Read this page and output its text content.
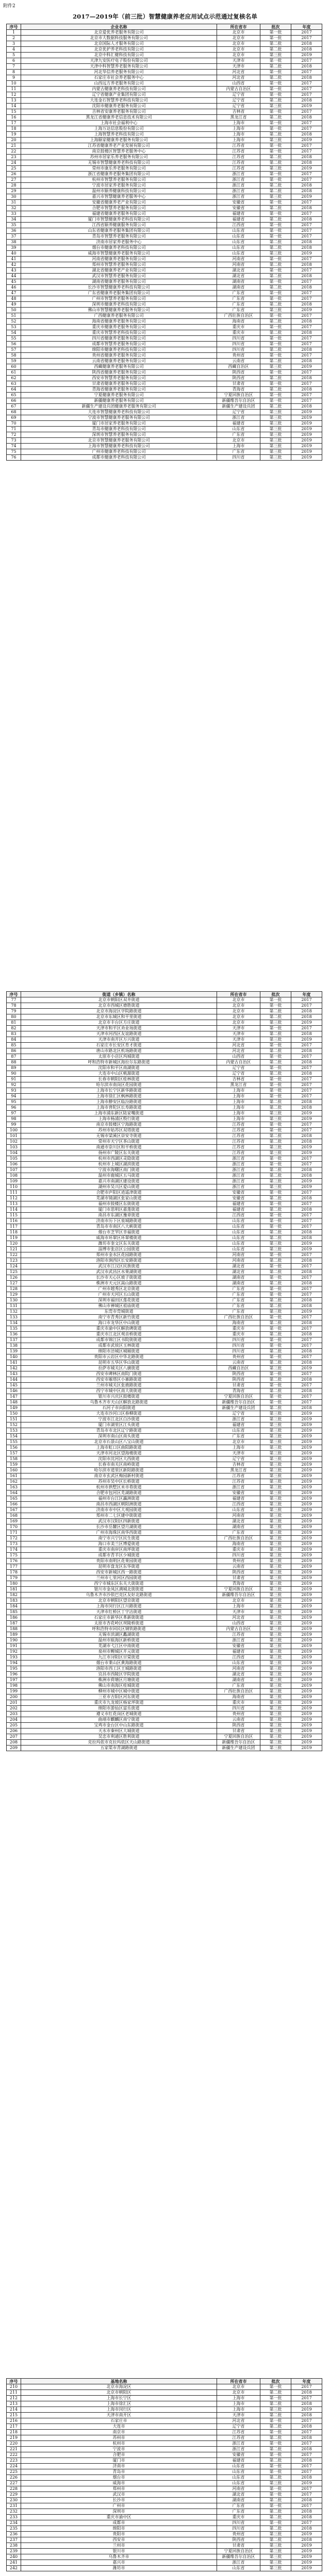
附件2
2017—2019年（前三批）智慧健康养老应用试点示范通过复核名单
序号	企业名称	所在省市	批次	年度
1	北京爱优养老服务有限公司	北京市	第一批	2017
2	北京市大数据科技服务有限公司	北京市	第一批	2017
3	北京国际人才服务有限公司	北京市	第二批	2018
4	北京优护养老科技有限公司	北京市	第二批	2018
5	北京中科汇健科技有限公司	北京市	第三批	2019
6	天津九安医疗电子股份有限公司	天津市	第一批	2017
7	天津中科智慧养老服务有限公司	天津市	第二批	2018
8	河北华信养老服务有限公司	河北省	第一批	2017
9	石家庄市社会养老服务中心	河北省	第二批	2018
10	山西远方养老服务有限公司	山西省	第一批	2017
11	内蒙古健康养老科技有限公司	内蒙古自治区	第一批	2017
12	辽宁省健康产业集团有限公司	辽宁省	第一批	2017
13	大连金石智慧养老科技有限公司	辽宁省	第二批	2018
14	沈阳市健康养老服务有限公司	辽宁省	第三批	2019
15	吉林省安康养老服务有限公司	吉林省	第一批	2017
16	黑龙江省健康养老信息技术有限公司	黑龙江省	第二批	2018
17	上海市社会福利中心	上海市	第一批	2017
18	上海万达信息股份有限公司	上海市	第一批	2017
19	上海智慧养老科技有限公司	上海市	第二批	2018
20	上海颐家健康养老服务有限公司	上海市	第三批	2019
21	江苏省健康养老产业发展有限公司	江苏省	第一批	2017
22	南京鼓楼区智慧养老服务中心	江苏省	第一批	2017
23	苏州市居家乐养老服务有限公司	江苏省	第二批	2018
24	无锡市智慧健康养老科技有限公司	江苏省	第二批	2018
25	常州市康乐养老服务有限公司	江苏省	第三批	2019
26	浙江省健康养老服务集团有限公司	浙江省	第一批	2017
27	杭州市智慧养老服务有限公司	浙江省	第一批	2017
28	宁波市居家养老服务有限公司	浙江省	第二批	2018
29	温州市颐养健康科技有限公司	浙江省	第二批	2018
30	嘉兴市智慧健康养老服务中心	浙江省	第三批	2019
31	安徽省健康养老产业有限公司	安徽省	第一批	2017
32	合肥市智慧养老服务有限公司	安徽省	第二批	2018
33	福建省健康养老服务有限公司	福建省	第一批	2017
34	厦门市智慧健康养老科技有限公司	福建省	第二批	2018
35	江西省颐养健康服务有限公司	江西省	第一批	2017
36	山东省健康养老服务集团有限公司	山东省	第一批	2017
37	青岛市智慧养老服务有限公司	山东省	第一批	2017
38	济南市居家养老服务中心	山东省	第二批	2018
39	烟台市健康养老科技有限公司	山东省	第二批	2018
40	威海市智慧健康养老服务有限公司	山东省	第三批	2019
41	河南省健康养老服务有限公司	河南省	第一批	2017
42	郑州市智慧养老服务有限公司	河南省	第二批	2018
43	湖北省健康养老产业有限公司	湖北省	第一批	2017
44	武汉市智慧养老服务有限公司	湖北省	第二批	2018
45	湖南省健康养老服务有限公司	湖南省	第一批	2017
46	长沙市智慧健康养老科技有限公司	湖南省	第二批	2018
47	广东省健康养老服务集团有限公司	广东省	第一批	2017
48	广州市智慧养老服务有限公司	广东省	第一批	2017
49	深圳市健康养老科技有限公司	广东省	第二批	2018
50	佛山市智慧健康养老服务有限公司	广东省	第三批	2019
51	广西健康养老服务有限公司	广西壮族自治区	第一批	2017
52	海南省健康养老服务有限公司	海南省	第二批	2018
53	重庆市健康养老服务有限公司	重庆市	第一批	2017
54	重庆市智慧养老科技有限公司	重庆市	第二批	2018
55	四川省健康养老服务有限公司	四川省	第一批	2017
56	成都市智慧养老服务有限公司	四川省	第一批	2017
57	绵阳市健康养老科技有限公司	四川省	第二批	2018
58	贵州省健康养老服务有限公司	贵州省	第一批	2017
59	云南省健康养老服务有限公司	云南省	第二批	2018
60	西藏健康养老服务有限公司	西藏自治区	第三批	2019
61	陕西省健康养老服务有限公司	陕西省	第一批	2017
62	西安市智慧养老服务有限公司	陕西省	第二批	2018
63	甘肃省健康养老服务有限公司	甘肃省	第一批	2017
64	青海省健康养老服务有限公司	青海省	第二批	2018
65	宁夏健康养老服务有限公司	宁夏回族自治区	第一批	2017
66	新疆健康养老服务有限公司	新疆维吾尔自治区	第一批	2017
67	新疆生产建设兵团健康养老服务有限公司	新疆生产建设兵团	第二批	2018
68	大连市智慧健康养老科技有限公司	辽宁省	第三批	2019
69	宁波市智慧健康养老服务有限公司	浙江省	第三批	2019
70	厦门市居家养老服务有限公司	福建省	第三批	2019
71	青岛市健康养老科技有限公司	山东省	第三批	2019
72	深圳市智慧养老服务有限公司	广东省	第三批	2019
73	北京市智慧健康养老服务有限公司	北京市	第三批	2019
74	上海市智慧健康养老科技有限公司	上海市	第三批	2019
75	广州市健康养老科技有限公司	广东省	第三批	2019
76	成都市健康养老科技有限公司	四川省	第三批	2019
序号	街道（乡镇）名称	所在省市	批次	年度
77	北京市朝阳区双井街道	北京市	第一批	2017
78	北京市西城区德胜街道	北京市	第一批	2017
79	北京市海淀区学院路街道	北京市	第二批	2018
80	北京市东城区和平里街道	北京市	第二批	2018
81	北京市丰台区方庄街道	北京市	第三批	2019
82	天津市和平区劝业场街道	天津市	第一批	2017
83	天津市河西区友谊路街道	天津市	第二批	2018
84	天津市南开区万兴街道	天津市	第三批	2019
85	石家庄市长安区育才街道	河北省	第一批	2017
86	唐山市路北区机场路街道	河北省	第二批	2018
87	太原市小店区坞城街道	山西省	第一批	2017
88	呼和浩特市新城区海拉尔东路街道	内蒙古自治区	第二批	2018
89	沈阳市和平区南湖街道	辽宁省	第一批	2017
90	大连市中山区桃源街道	辽宁省	第二批	2018
91	长春市朝阳区桂林街道	吉林省	第一批	2017
92	哈尔滨市南岗区花园街道	黑龙江省	第一批	2017
93	上海市长宁区新华路街道	上海市	第一批	2017
94	上海市徐汇区枫林路街道	上海市	第一批	2017
95	上海市静安区临汾路街道	上海市	第二批	2018
96	上海市普陀区长寿路街道	上海市	第二批	2018
97	上海市浦东新区陆家嘴街道	上海市	第三批	2019
98	上海市杨浦区殷行街道	上海市	第三批	2019
99	南京市鼓楼区宁海路街道	江苏省	第一批	2017
100	苏州市姑苏区双塔街道	江苏省	第一批	2017
101	无锡市梁溪区崇安寺街道	江苏省	第二批	2018
102	常州市天宁区茶山街道	江苏省	第二批	2018
103	南通市崇川区和平桥街道	江苏省	第三批	2019
104	扬州市广陵区东关街道	江苏省	第三批	2019
105	杭州市西湖区灵隐街道	浙江省	第一批	2017
106	杭州市上城区湖滨街道	浙江省	第一批	2017
107	宁波市海曙区南门街道	浙江省	第二批	2018
108	温州市鹿城区五马街道	浙江省	第二批	2018
109	嘉兴市南湖区建设街道	浙江省	第三批	2019
110	湖州市吴兴区爱山街道	浙江省	第三批	2019
111	合肥市庐阳区逍遥津街道	安徽省	第一批	2017
112	芜湖市镜湖区张家山街道	安徽省	第二批	2018
113	福州市鼓楼区东街街道	福建省	第一批	2017
114	厦门市思明区嘉莲街道	福建省	第二批	2018
115	南昌市东湖区豫章街道	江西省	第一批	2017
116	济南市历下区泉城路街道	山东省	第一批	2017
117	青岛市市南区八大峡街道	山东省	第一批	2017
118	烟台市芝罘区幸福街道	山东省	第二批	2018
119	威海市环翠区环翠楼街道	山东省	第二批	2018
120	潍坊市奎文区东关街道	山东省	第三批	2019
121	淄博市张店区公园街道	山东省	第三批	2019
122	郑州市金水区花园路街道	河南省	第一批	2017
123	洛阳市涧西区长安路街道	河南省	第二批	2018
124	武汉市江汉区民族街道	湖北省	第一批	2017
125	武汉市武昌区水果湖街道	湖北省	第二批	2018
126	长沙市天心区坡子街街道	湖南省	第一批	2017
127	株洲市天元区嵩山路街道	湖南省	第二批	2018
128	广州市越秀区北京街道	广东省	第一批	2017
129	广州市天河区五山街道	广东省	第一批	2017
130	深圳市福田区莲花街道	广东省	第二批	2018
131	佛山市禅城区祖庙街道	广东省	第二批	2018
132	东莞市莞城街道	广东省	第三批	2019
133	南宁市青秀区新竹街道	广西壮族自治区	第一批	2017
134	海口市龙华区中山街道	海南省	第二批	2018
135	重庆市渝中区解放碑街道	重庆市	第一批	2017
136	重庆市江北区观音桥街道	重庆市	第二批	2018
137	成都市锦江区书院街街道	四川省	第一批	2017
138	成都市武侯区玉林街道	四川省	第一批	2017
139	绵阳市涪城区城厢街道	四川省	第二批	2018
140	贵阳市云岩区中华北路街道	贵州省	第一批	2017
141	昆明市五华区华山街道	云南省	第二批	2018
142	拉萨市城关区八廓街道	西藏自治区	第三批	2019
143	西安市碑林区南院门街道	陕西省	第一批	2017
144	西安市雁塔区小寨路街道	陕西省	第二批	2018
145	兰州市城关区张掖路街道	甘肃省	第一批	2017
146	西宁市城中区南大街街道	青海省	第二批	2018
147	银川市兴庆区鼓楼街道	宁夏回族自治区	第一批	2017
148	乌鲁木齐市天山区解放北路街道	新疆维吾尔自治区	第一批	2017
149	石河子市向阳街道	新疆生产建设兵团	第二批	2018
150	大连市沙河口区春柳街道	辽宁省	第三批	2019
151	宁波市江北区白沙街道	浙江省	第三批	2019
152	厦门市湖里区江头街道	福建省	第三批	2019
153	青岛市市北区辽宁路街道	山东省	第三批	2019
154	深圳市南山区南头街道	广东省	第三批	2019
155	北京市石景山区八宝山街道	北京市	第三批	2019
156	上海市虹口区曲阳路街道	上海市	第三批	2019
157	天津市河北区望海楼街道	天津市	第三批	2019
158	沈阳市沈河区大西街道	辽宁省	第三批	2019
159	长春市南关区南岭街道	吉林省	第三批	2019
160	哈尔滨市道里区新阳路街道	黑龙江省	第三批	2019
161	南京市玄武区梅园新村街道	江苏省	第三批	2019
162	苏州市吴中区长桥街道	江苏省	第三批	2019
163	杭州市拱墅区米市巷街道	浙江省	第三批	2019
164	合肥市包河区芜湖路街道	安徽省	第三批	2019
165	福州市台江区瀛洲街道	福建省	第三批	2019
166	南昌市西湖区朝阳洲街道	江西省	第三批	2019
167	济南市市中区大观园街道	山东省	第三批	2019
168	郑州市二七区建中街街道	河南省	第三批	2019
169	武汉市汉阳区四新街道	湖北省	第三批	2019
170	长沙市岳麓区望月湖街道	湖南省	第三批	2019
171	广州市海珠区南华西街道	广东省	第三批	2019
172	南宁市兴宁区民生街道	广西壮族自治区	第三批	2019
173	海口市美兰区博爱街道	海南省	第三批	2019
174	重庆市南岸区南坪街道	重庆市	第三批	2019
175	成都市青羊区少城街道	四川省	第三批	2019
176	贵阳市南明区花果园街道	贵州省	第三批	2019
177	昆明市盘龙区东华街道	云南省	第三批	2019
178	西安市新城区西一路街道	陕西省	第三批	2019
179	兰州市七里河区西园街道	甘肃省	第三批	2019
180	西宁市城东区东关大街街道	青海省	第三批	2019
181	银川市金凤区满城北街街道	宁夏回族自治区	第三批	2019
182	乌鲁木齐市沙依巴克区友好北路街道	新疆维吾尔自治区	第三批	2019
183	北京市朝阳区望京街道	北京市	第三批	2019
184	上海市闵行区江川路街道	上海市	第三批	2019
185	天津市红桥区丁字沽街道	天津市	第三批	2019
186	石家庄市新华区革新街街道	河北省	第三批	2019
187	太原市杏花岭区坝陵桥街道	山西省	第三批	2019
188	呼和浩特市回民区钢铁路街道	内蒙古自治区	第三批	2019
189	无锡市滨湖区蠡湖街道	江苏省	第三批	2019
190	温州市瓯海区新桥街道	浙江省	第三批	2019
191	芜湖市弋江区中南街道	安徽省	第三批	2019
192	泉州市鲤城区开元街道	福建省	第三批	2019
193	九江市浔阳区甘棠街道	江西省	第三批	2019
194	烟台市莱山区黄海路街道	山东省	第三批	2019
195	洛阳市西工区王城路街道	河南省	第三批	2019
196	宜昌市西陵区学院街道	湖北省	第三批	2019
197	株洲市荷塘区月塘街道	湖南省	第三批	2019
198	佛山市南海区桂城街道	广东省	第三批	2019
199	柳州市城中区城中街道	广西壮族自治区	第三批	2019
200	三亚市吉阳区河东街道	海南省	第三批	2019
201	重庆市九龙坡区杨家坪街道	重庆市	第三批	2019
202	绵阳市游仙区富乐街道	四川省	第三批	2019
203	遵义市红花岗区老城街道	贵州省	第三批	2019
204	曲靖市麒麟区南宁街道	云南省	第三批	2019
205	宝鸡市金台区中山东路街道	陕西省	第三批	2019
206	天水市秦州区大城街道	甘肃省	第三批	2019
207	吴忠市利通区胜利街道	宁夏回族自治区	第三批	2019
208	克拉玛依市克拉玛依区天山路街道	新疆维吾尔自治区	第三批	2019
209	五家渠市青湖路街道	新疆生产建设兵团	第三批	2019
序号	基地名称	所在省市	批次	年度
210	北京市海淀区	北京市	第一批	2017
211	北京市朝阳区	北京市	第二批	2018
212	上海市长宁区	上海市	第一批	2017
213	上海市徐汇区	上海市	第二批	2018
214	上海市闵行区	上海市	第三批	2019
215	天津市南开区	天津市	第二批	2018
216	石家庄市	河北省	第一批	2017
217	大连市	辽宁省	第二批	2018
218	南京市	江苏省	第一批	2017
219	苏州市	江苏省	第二批	2018
220	杭州市	浙江省	第一批	2017
221	宁波市	浙江省	第二批	2018
222	合肥市	安徽省	第一批	2017
223	厦门市	福建省	第二批	2018
224	济南市	山东省	第一批	2017
225	青岛市	山东省	第一批	2017
226	烟台市	山东省	第二批	2018
227	威海市	山东省	第三批	2019
228	郑州市	河南省	第一批	2017
229	武汉市	湖北省	第一批	2017
230	长沙市	湖南省	第二批	2018
231	广州市	广东省	第一批	2017
232	深圳市	广东省	第二批	2018
233	重庆市渝中区	重庆市	第二批	2018
234	成都市	四川省	第一批	2017
235	绵阳市	四川省	第二批	2018
236	贵阳市	贵州省	第三批	2019
237	西安市	陕西省	第二批	2018
238	兰州市	甘肃省	第三批	2019
239	银川市	宁夏回族自治区	第三批	2019
240	乌鲁木齐市	新疆维吾尔自治区	第三批	2019
241	嘉兴市	浙江省	第三批	2019
242	潍坊市	山东省	第三批	2019
